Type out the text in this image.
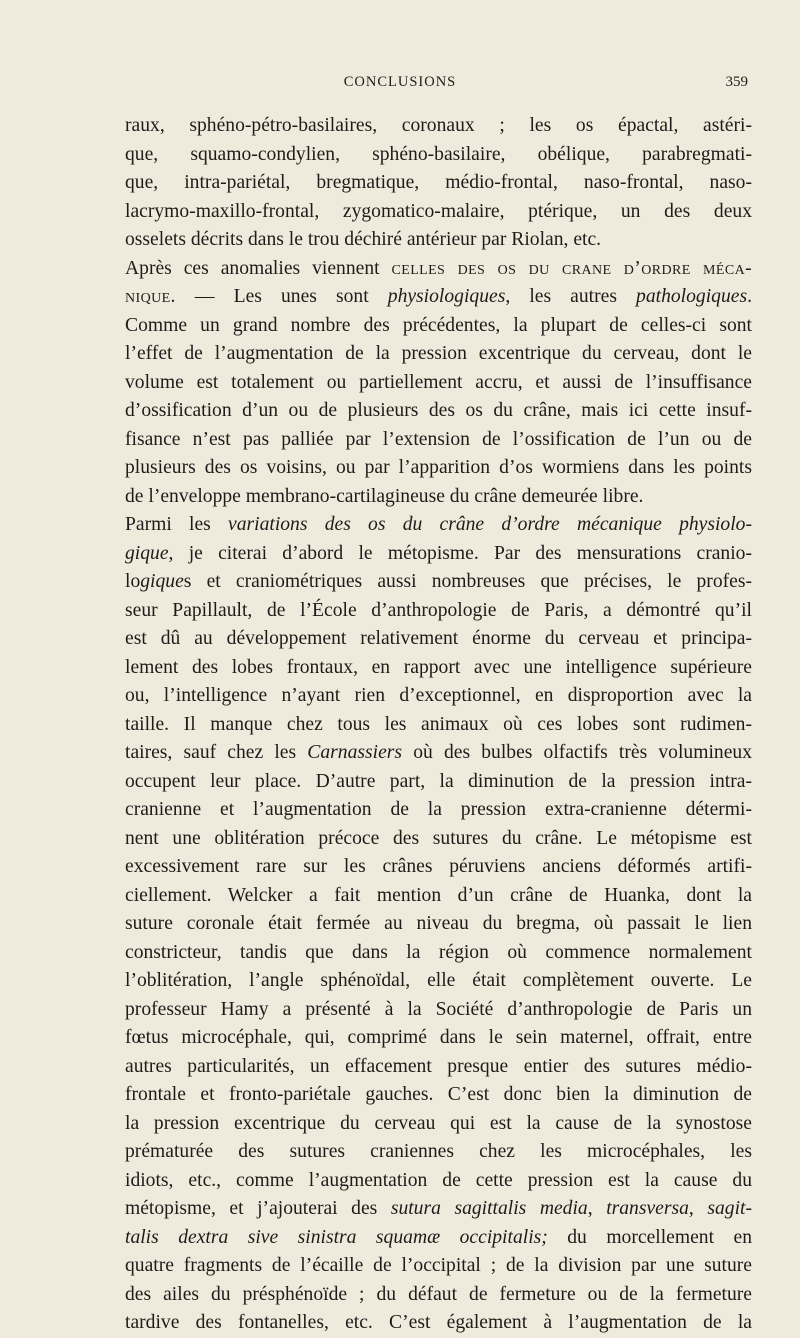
CONCLUSIONS	359
raux, sphéno-pétro-basilaires, coronaux ; les os épactal, astéri-
que, squamo-condylien, sphéno-basilaire, obélique, parabregmati-
que, intra-pariétal, bregmatique, médio-frontal, naso-frontal, naso-
lacrymo-maxillo-frontal, zygomatico-malaire, ptérique, un des deux
osselets décrits dans le trou déchiré antérieur par Riolan, etc.
Après ces anomalies viennent celles des os du crane d’ordre méca-
nique. — Les unes sont physiologiques, les autres pathologiques.
Comme un grand nombre des précédentes, la plupart de celles-ci sont
l’effet de l’augmentation de la pression excentrique du cerveau, dont le
volume est totalement ou partiellement accru, et aussi de l’insuffisance
d’ossification d’un ou de plusieurs des os du crâne, mais ici cette insuf-
fisance n’est pas palliée par l’extension de l’ossification de l’un ou de
plusieurs des os voisins, ou par l’apparition d’os wormiens dans les points
de l’enveloppe membrano-cartilagineuse du crâne demeurée libre.
Parmi les variations des os du crâne d’ordre mécanique physiolo-
gique, je citerai d’abord le métopisme. Par des mensurations cranio-
logiques et craniométriques aussi nombreuses que précises, le profes-
seur Papillault, de l’École d’anthropologie de Paris, a démontré qu’il
est dû au développement relativement énorme du cerveau et principa-
lement des lobes frontaux, en rapport avec une intelligence supérieure
ou, l’intelligence n’ayant rien d’exceptionnel, en disproportion avec la
taille. Il manque chez tous les animaux où ces lobes sont rudimen-
taires, sauf chez les Carnassiers où des bulbes olfactifs très volumineux
occupent leur place. D’autre part, la diminution de la pression intra-
cranienne et l’augmentation de la pression extra-cranienne détermi-
nent une oblitération précoce des sutures du crâne. Le métopisme est
excessivement rare sur les crânes péruviens anciens déformés artifi-
ciellement. Welcker a fait mention d’un crâne de Huanka, dont la
suture coronale était fermée au niveau du bregma, où passait le lien
constricteur, tandis que dans la région où commence normalement
l’oblitération, l’angle sphénoïdal, elle était complètement ouverte. Le
professeur Hamy a présenté à la Société d’anthropologie de Paris un
fœtus microcéphale, qui, comprimé dans le sein maternel, offrait, entre
autres particularités, un effacement presque entier des sutures médio-
frontale et fronto-pariétale gauches. C’est donc bien la diminution de
la pression excentrique du cerveau qui est la cause de la synostose
prématurée des sutures craniennes chez les microcéphales, les
idiots, etc., comme l’augmentation de cette pression est la cause du
métopisme, et j’ajouterai des sutura sagittalis media, transversa, sagit-
talis dextra sive sinistra squamæ occipitalis; du morcellement en
quatre fragments de l’écaille de l’occipital ; de la division par une suture
des ailes du présphénoïde ; du défaut de fermeture ou de la fermeture
tardive des fontanelles, etc. C’est également à l’augmentation de la
